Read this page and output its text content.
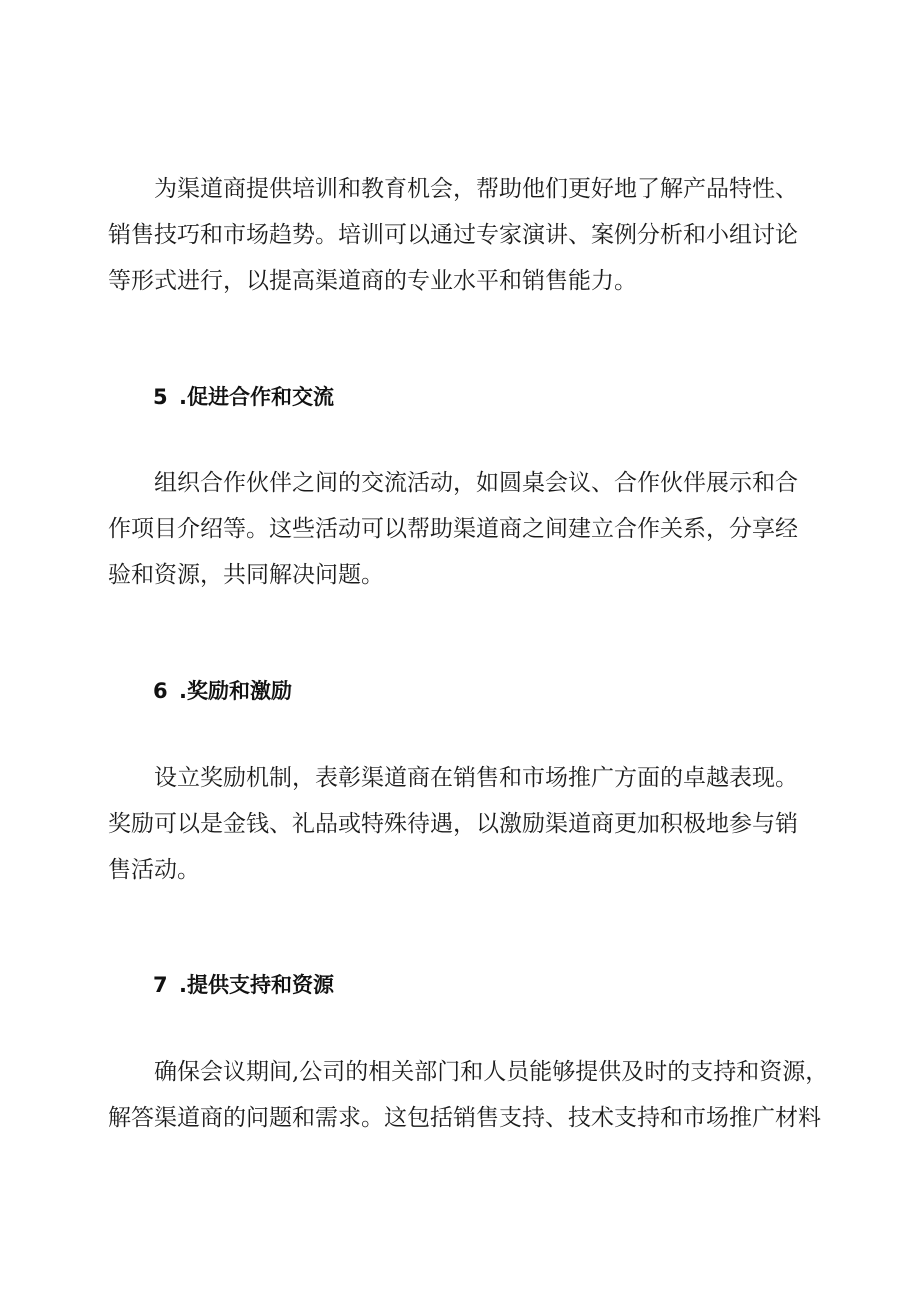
为渠道商提供培训和教育机会，帮助他们更好地了解产品特性、
销售技巧和市场趋势。培训可以通过专家演讲、案例分析和小组讨论
等形式进行，以提高渠道商的专业水平和销售能力。
5 .促进合作和交流
组织合作伙伴之间的交流活动，如圆桌会议、合作伙伴展示和合
作项目介绍等。这些活动可以帮助渠道商之间建立合作关系，分享经
验和资源，共同解决问题。
6 .奖励和激励
设立奖励机制，表彰渠道商在销售和市场推广方面的卓越表现。
奖励可以是金钱、礼品或特殊待遇，以激励渠道商更加积极地参与销
售活动。
7 .提供支持和资源
确保会议期间,公司的相关部门和人员能够提供及时的支持和资源，
解答渠道商的问题和需求。这包括销售支持、技术支持和市场推广材料
